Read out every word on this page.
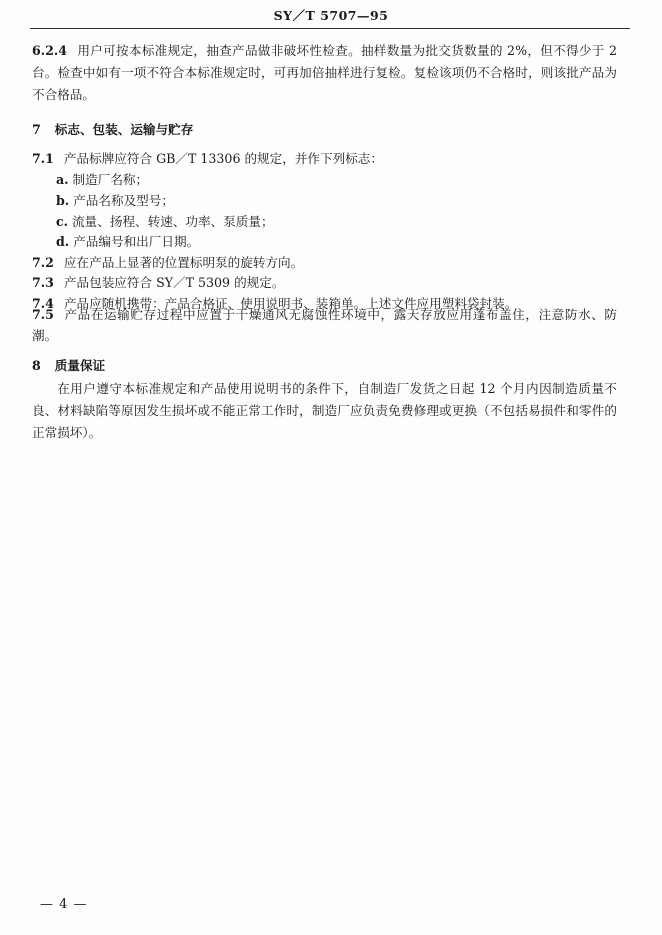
SY／T 5707—95
6.2.4 用户可按本标准规定，抽查产品做非破坏性检查。抽样数量为批交货数量的 2%，但不得少于 2 台。检查中如有一项不符合本标准规定时，可再加倍抽样进行复检。复检该项仍不合格时，则该批产品为不合格品。
7 标志、包装、运输与贮存
7.1 产品标牌应符合 GB／T 13306 的规定，并作下列标志：
a. 制造厂名称；
b. 产品名称及型号；
c. 流量、扬程、转速、功率、泵质量；
d. 产品编号和出厂日期。
7.2 应在产品上显著的位置标明泵的旋转方向。
7.3 产品包装应符合 SY／T 5309 的规定。
7.4 产品应随机携带：产品合格证、使用说明书、装箱单。上述文件应用塑料袋封装。
7.5 产品在运输贮存过程中应置于干燥通风无腐蚀性环境中，露天存放应用蓬布盖住，注意防水、防潮。
8 质量保证
在用户遵守本标准规定和产品使用说明书的条件下，自制造厂发货之日起 12 个月内因制造质量不良、材料缺陷等原因发生损坏或不能正常工作时，制造厂应负责免费修理或更换（不包括易损件和零件的正常损坏）。
— 4 —
